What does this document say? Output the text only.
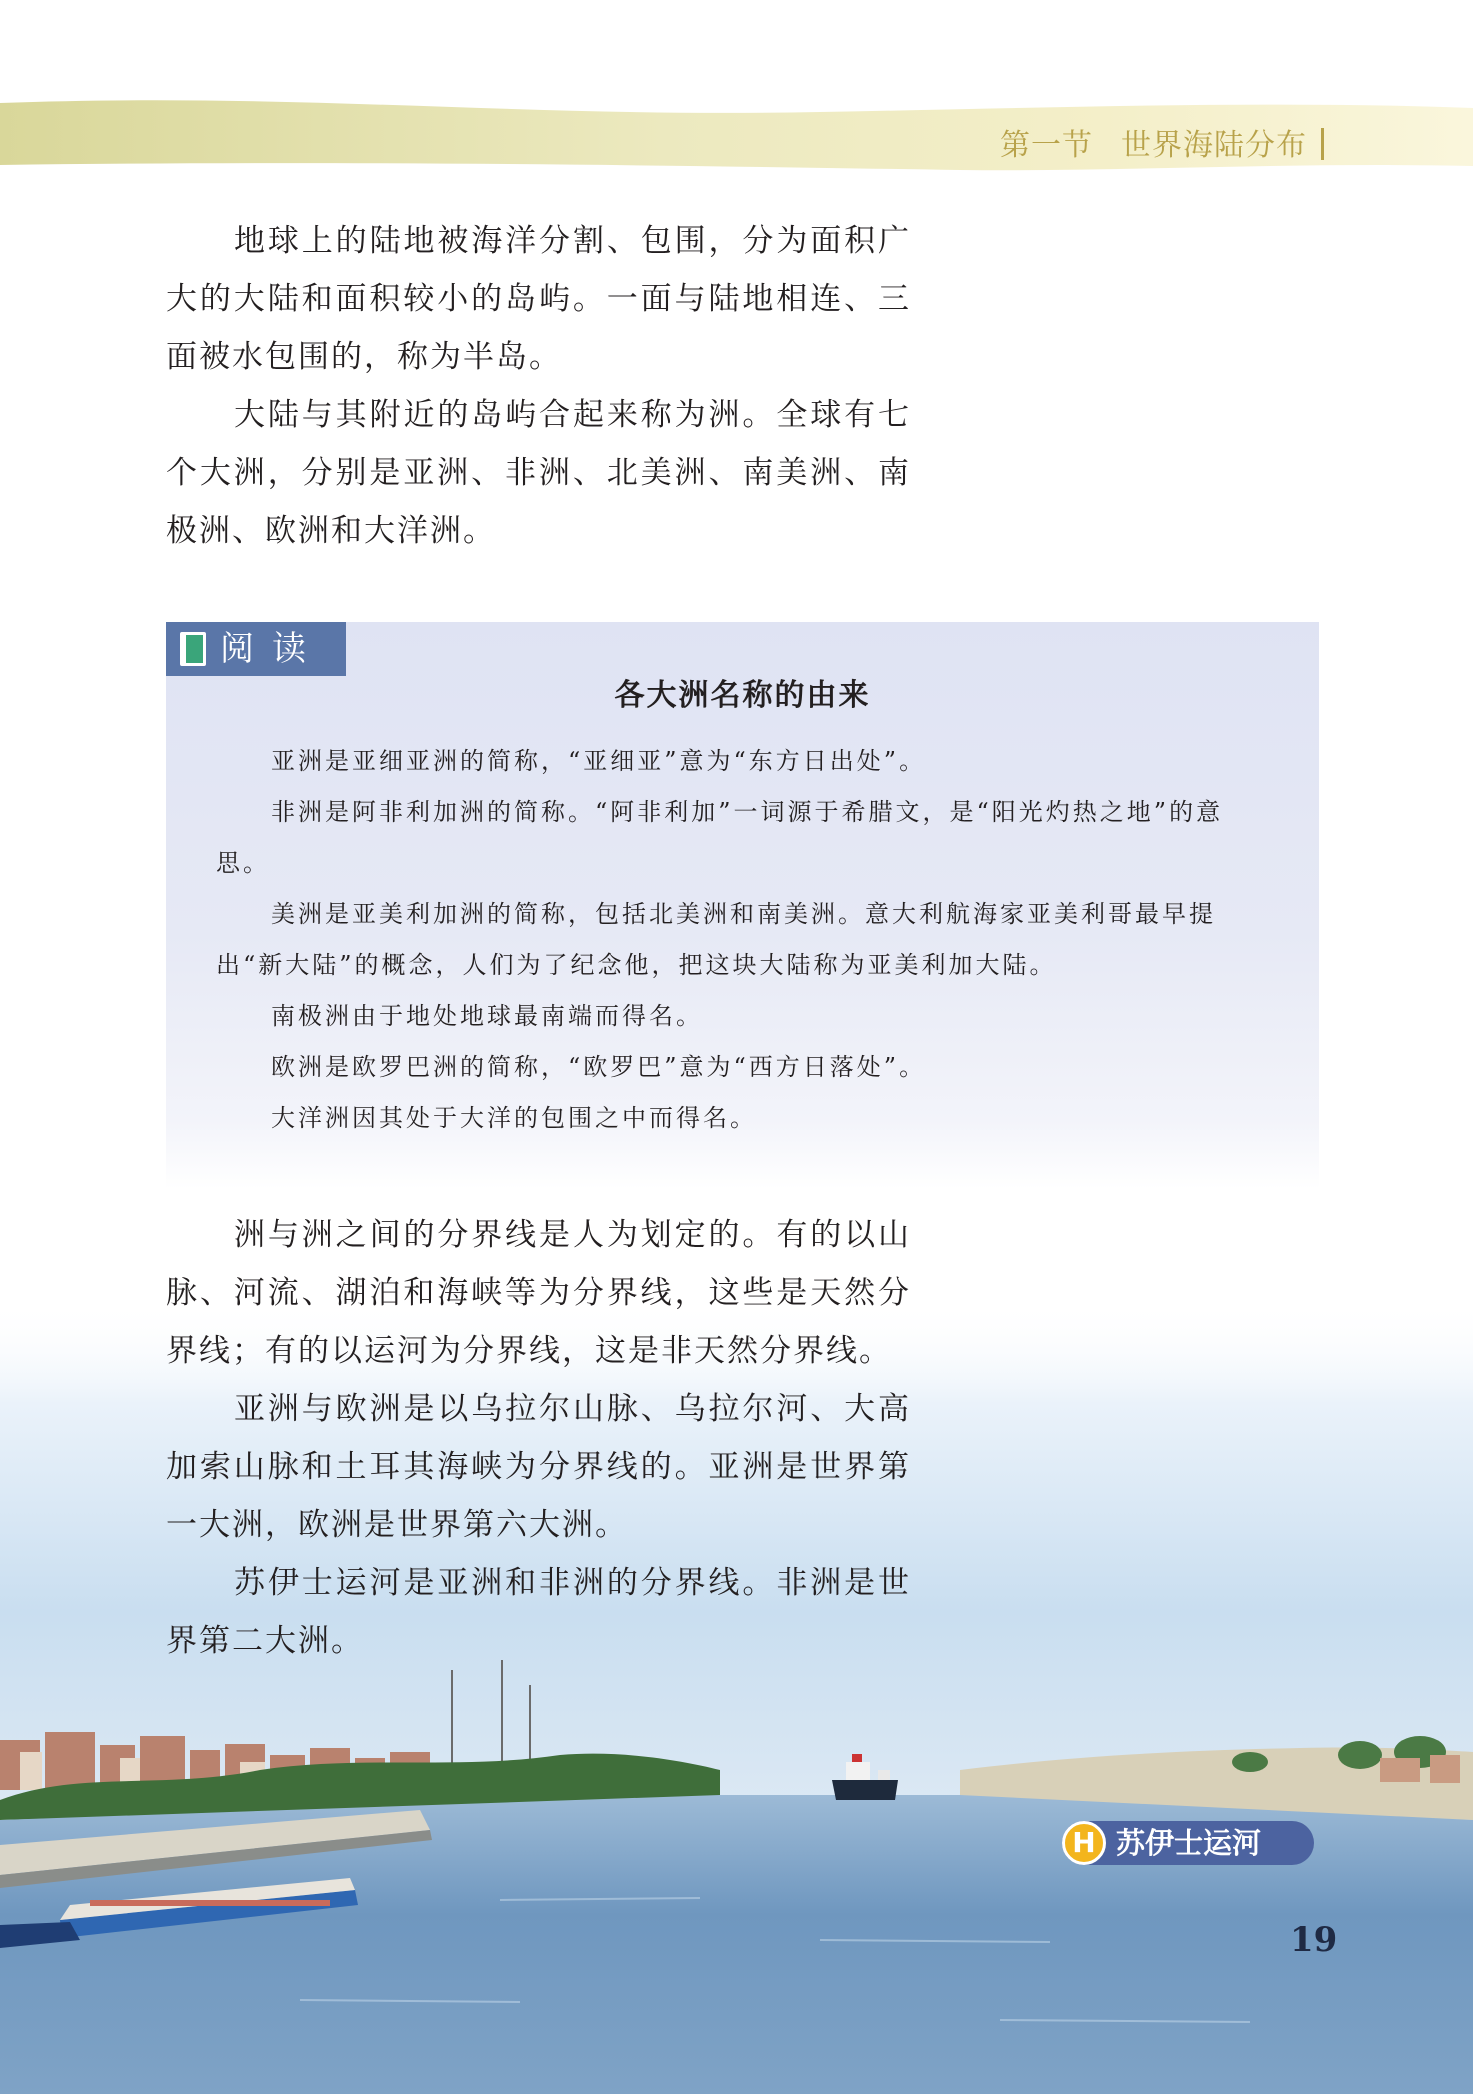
第一节 世界海陆分布

地球上的陆地被海洋分割、包围，分为面积广大的大陆和面积较小的岛屿。一面与陆地相连、三面被水包围的，称为半岛。

大陆与其附近的岛屿合起来称为洲。全球有七个大洲，分别是亚洲、非洲、北美洲、南美洲、南极洲、欧洲和大洋洲。

阅读
各大洲名称的由来

亚洲是亚细亚洲的简称，“亚细亚”意为“东方日出处”。

非洲是阿非利加洲的简称。“阿非利加”一词源于希腊文，是“阳光灼热之地”的意思。

美洲是亚美利加洲的简称，包括北美洲和南美洲。意大利航海家亚美利哥最早提出“新大陆”的概念，人们为了纪念他，把这块大陆称为亚美利加大陆。

南极洲由于地处地球最南端而得名。

欧洲是欧罗巴洲的简称，“欧罗巴”意为“西方日落处”。

大洋洲因其处于大洋的包围之中而得名。

洲与洲之间的分界线是人为划定的。有的以山脉、河流、湖泊和海峡等为分界线，这些是天然分界线；有的以运河为分界线，这是非天然分界线。

亚洲与欧洲是以乌拉尔山脉、乌拉尔河、大高加索山脉和土耳其海峡为分界线的。亚洲是世界第一大洲，欧洲是世界第六大洲。

苏伊士运河是亚洲和非洲的分界线。非洲是世界第二大洲。

H 苏伊士运河
19
